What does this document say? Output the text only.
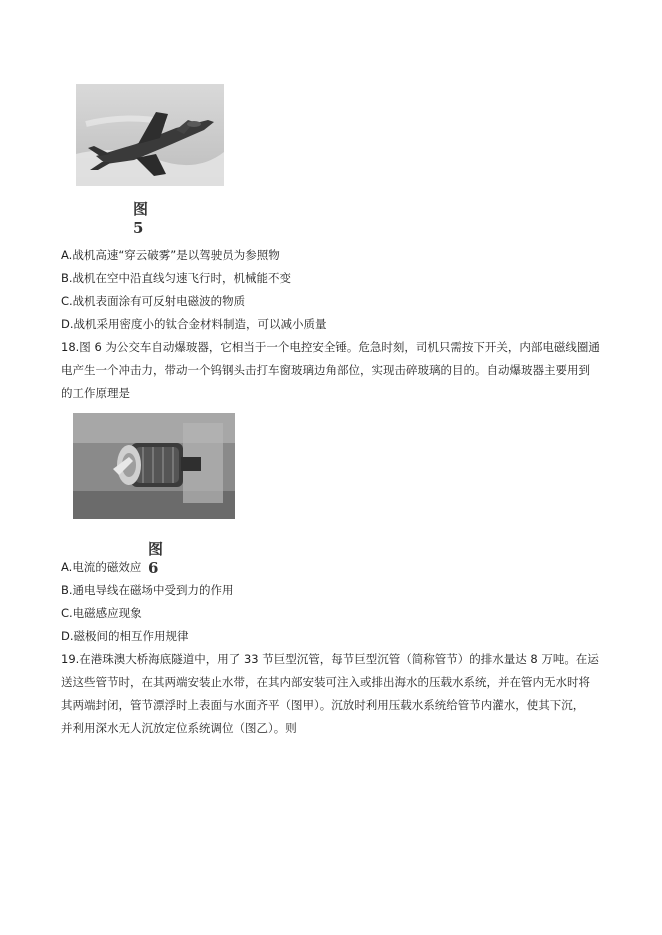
图 5
A.战机高速“穿云破雾”是以驾驶员为参照物
B.战机在空中沿直线匀速飞行时，机械能不变
C.战机表面涂有可反射电磁波的物质
D.战机采用密度小的钛合金材料制造，可以减小质量
18.图 6 为公交车自动爆玻器，它相当于一个电控安全锤。危急时刻，司机只需按下开关，内部电磁线圈通
电产生一个冲击力，带动一个钨钢头击打车窗玻璃边角部位，实现击碎玻璃的目的。自动爆玻器主要用到
的工作原理是
图 6
A.电流的磁效应
B.通电导线在磁场中受到力的作用
C.电磁感应现象
D.磁极间的相互作用规律
19.在港珠澳大桥海底隧道中，用了 33 节巨型沉管，每节巨型沉管（简称管节）的排水量达 8 万吨。在运
送这些管节时，在其两端安装止水带，在其内部安装可注入或排出海水的压载水系统，并在管内无水时将
其两端封闭，管节漂浮时上表面与水面齐平（图甲）。沉放时利用压载水系统给管节内灌水，使其下沉，
并利用深水无人沉放定位系统调位（图乙）。则
